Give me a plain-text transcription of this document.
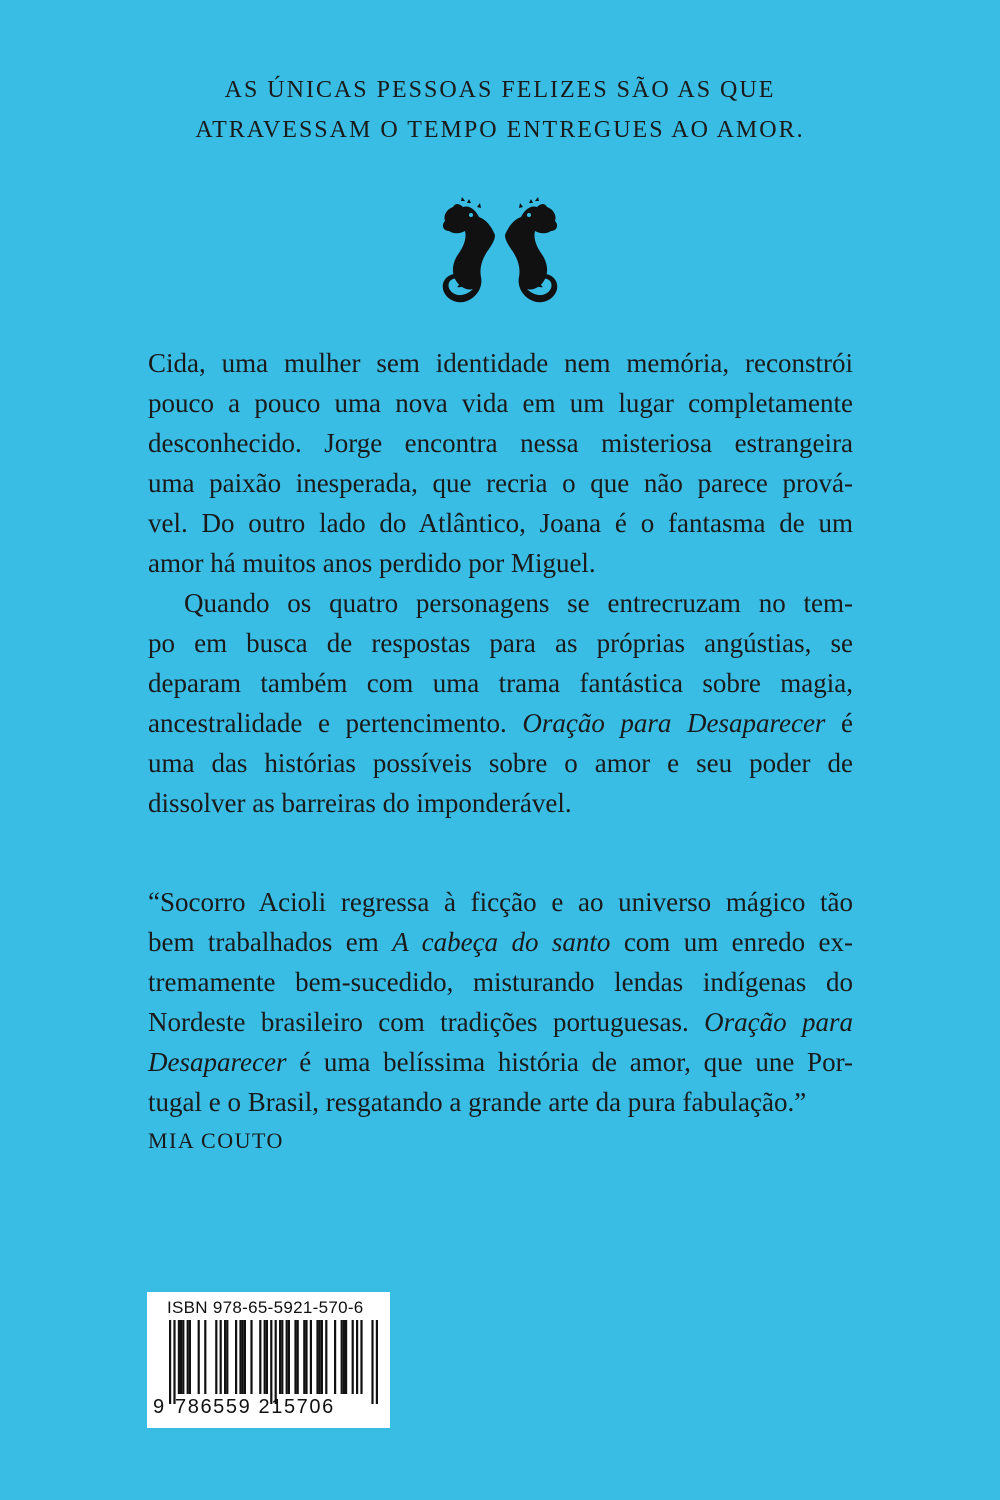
AS ÚNICAS PESSOAS FELIZES SÃO AS QUE
ATRAVESSAM O TEMPO ENTREGUES AO AMOR.

Cida, uma mulher sem identidade nem memória, reconstrói
pouco a pouco uma nova vida em um lugar completamente
desconhecido. Jorge encontra nessa misteriosa estrangeira
uma paixão inesperada, que recria o que não parece prová-
vel. Do outro lado do Atlântico, Joana é o fantasma de um
amor há muitos anos perdido por Miguel.

Quando os quatro personagens se entrecruzam no tem-
po em busca de respostas para as próprias angústias, se
deparam também com uma trama fantástica sobre magia,
ancestralidade e pertencimento. Oração para Desaparecer é
uma das histórias possíveis sobre o amor e seu poder de
dissolver as barreiras do imponderável.

“Socorro Acioli regressa à ficção e ao universo mágico tão
bem trabalhados em A cabeça do santo com um enredo ex-
tremamente bem-sucedido, misturando lendas indígenas do
Nordeste brasileiro com tradições portuguesas. Oração para
Desaparecer é uma belíssima história de amor, que une Por-
tugal e o Brasil, resgatando a grande arte da pura fabulação.”
MIA COUTO
ISBN 978-65-5921-570-6
9 786559 215706
